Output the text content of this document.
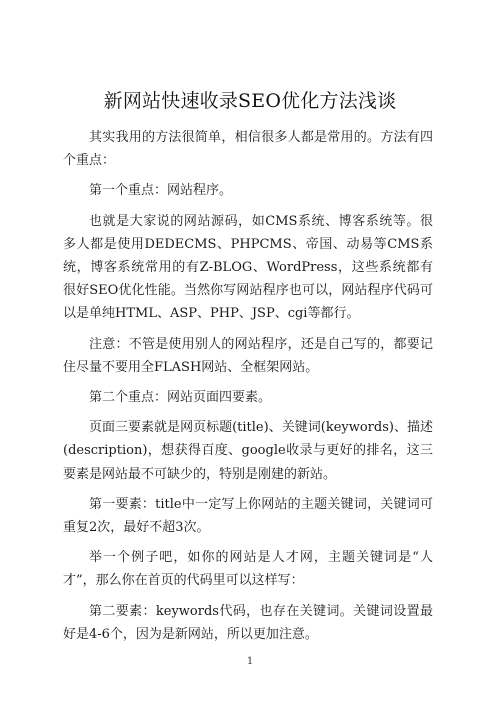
新网站快速收录SEO优化方法浅谈

其实我用的方法很简单，相信很多人都是常用的。方法有四个重点：

第一个重点：网站程序。

也就是大家说的网站源码，如CMS系统、博客系统等。很多人都是使用DEDECMS、PHPCMS、帝国、动易等CMS系统，博客系统常用的有Z-BLOG、WordPress，这些系统都有很好SEO优化性能。当然你写网站程序也可以，网站程序代码可以是单纯HTML、ASP、PHP、JSP、cgi等都行。

注意：不管是使用别人的网站程序，还是自己写的，都要记住尽量不要用全FLASH网站、全框架网站。

第二个重点：网站页面四要素。

页面三要素就是网页标题(title)、关键词(keywords)、描述(description)，想获得百度、google收录与更好的排名，这三要素是网站最不可缺少的，特别是刚建的新站。

第一要素：title中一定写上你网站的主题关键词，关键词可重复2次，最好不超3次。

举一个例子吧，如你的网站是人才网，主题关键词是“人才”，那么你在首页的代码里可以这样写：

第二要素：keywords代码，也存在关键词。关键词设置最好是4-6个，因为是新网站，所以更加注意。

1
